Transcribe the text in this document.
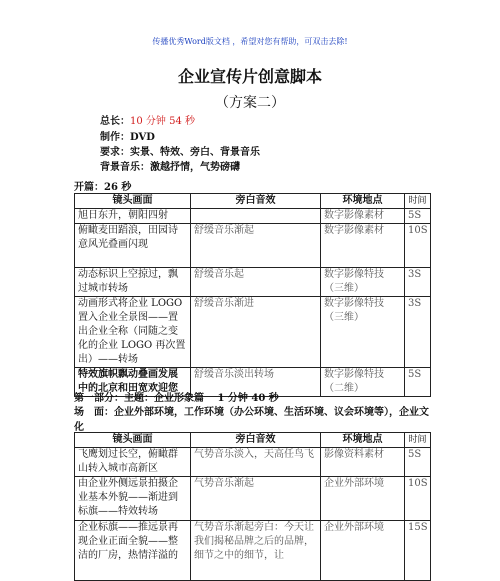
传播优秀Word版文档 ，希望对您有帮助，可双击去除!
企业宣传片创意脚本
（方案二）
总长：10 分钟 54 秒
制作：DVD
要求：实景、特效、旁白、背景音乐
背景音乐：激越抒情，气势磅礴
开篇：26 秒
镜头画面	旁白音效	环境地点	时间
旭日东升，朝阳四射		数字影像素材	5S
俯瞰麦田蹈浪，田园诗意风光叠画闪现	舒缓音乐渐起	数字影像素材	10S
动态标识上空掠过，飘过城市转场	舒缓音乐起	数字影像特技（三维）	3S
动画形式将企业 LOGO 置入企业全景图——置出企业全称（同随之变化的企业 LOGO 再次置出）——转场	舒缓音乐渐进	数字影像特技（三维）	3S
特效旗帜飘动叠画发展中的北京和田宽欢迎您	舒缓音乐淡出转场	数字影像特技（二维）	5S
第一部分：主题：企业形象篇　 1 分钟 40 秒
场　面：企业外部环境，工作环境（办公环境、生活环境、议会环境等），企业文化
镜头画面	旁白音效	环境地点	时间
飞鹰划过长空，俯瞰群山转入城市高新区	气势音乐淡入，天高任鸟飞	影像资料素材	5S
由企业外侧远景拍摄企业基本外貌——渐进到标旗——特效转场	气势音乐渐起	企业外部环境	10S
企业标旗——推远景再现企业正面全貌——整洁的厂房，热情洋溢的	气势音乐渐起旁白：今天让我们揭秘品牌之后的品牌，细节之中的细节，让	企业外部环境	15S
